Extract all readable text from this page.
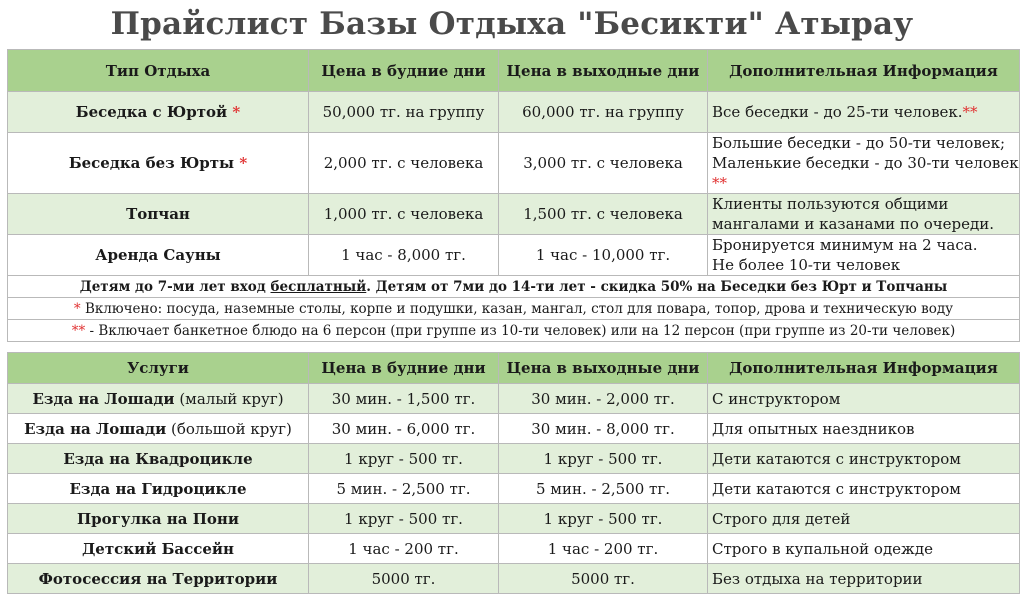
Прайслист Базы Отдыха "Бесикти" Атырау
Тип Отдыха	Цена в будние дни	Цена в выходные дни	Дополнительная Информация
Беседка с Юртой *	50,000 тг. на группу	60,000 тг. на группу	Все беседки - до 25-ти человек.**
Беседка без Юрты *	2,000 тг. с человека	3,000 тг. с человека	Большие беседки - до 50-ти человек;
Маленькие беседки - до 30-ти человек **
Топчан	1,000 тг. с человека	1,500 тг. с человека	Клиенты пользуются общими
мангалами и казанами по очереди.
Аренда Сауны	1 час - 8,000 тг.	1 час - 10,000 тг.	Бронируется минимум на 2 часа.
Не более 10-ти человек
Детям до 7-ми лет вход бесплатный. Детям от 7ми до 14-ти лет - скидка 50% на Беседки без Юрт и Топчаны			
* Включено: посуда, наземные столы, корпе и подушки, казан, мангал, стол для повара, топор, дрова и техническую воду			
** - Включает банкетное блюдо на 6 персон (при группе из 10-ти человек) или на 12 персон (при группе из 20-ти человек)			
Услуги	Цена в будние дни	Цена в выходные дни	Дополнительная Информация
Езда на Лошади (малый круг)	30 мин. - 1,500 тг.	30 мин. - 2,000 тг.	С инструктором
Езда на Лошади (большой круг)	30 мин. - 6,000 тг.	30 мин. - 8,000 тг.	Для опытных наездников
Езда на Квадроцикле	1 круг - 500 тг.	1 круг - 500 тг.	Дети катаются с инструктором
Езда на Гидроцикле	5 мин. - 2,500 тг.	5 мин. - 2,500 тг.	Дети катаются с инструктором
Прогулка на Пони	1 круг - 500 тг.	1 круг - 500 тг.	Строго для детей
Детский Бассейн	1 час - 200 тг.	1 час - 200 тг.	Строго в купальной одежде
Фотосессия на Территории	5000 тг.	5000 тг.	Без отдыха на территории
